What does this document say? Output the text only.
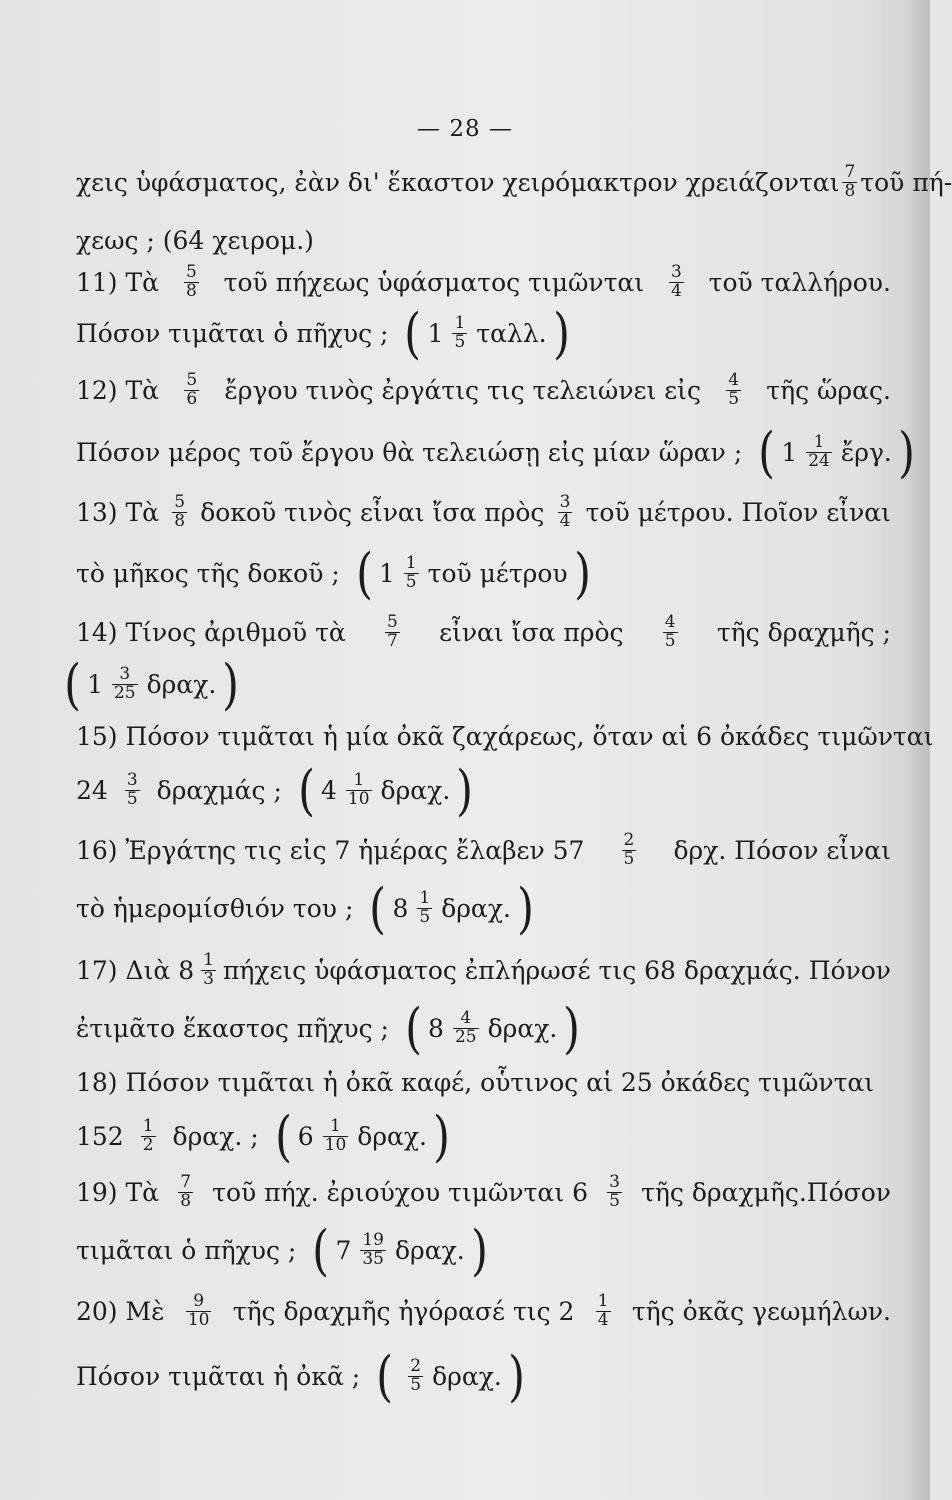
— 28 —
χεις ὑφάσματος, ἐὰν δι' ἕκαστον χειρόμακτρον χρειάζονται $\frac{7}{8}$ τοῦ πή-
χεως ; (64 χειρομ.)
11) Τὰ $\frac{5}{8}$ τοῦ πήχεως ὑφάσματος τιμῶνται $\frac{3}{4}$ τοῦ ταλλήρου.
Πόσον τιμᾶται ὁ πῆχυς ; ( $1 \frac{1}{5} \tau\alpha\lambda\lambda$.
)
12) Τὰ $\frac{5}{6}$ ἔργου τινὸς ἐργάτις τις τελειώνει εἰς $\frac{4}{5}$ τῆς ὥρας.
Πόσον μέρος τοῦ ἔργου θὰ τελειώσῃ εἰς μίαν ὥραν ; ( $1 \frac{1}{24}$ ἔργ.
)
13) Τὰ $\frac{5}{8}$ δοκοῦ τινὸς εἶναι ἴσα πρὸς $\frac{3}{4}$ τοῦ μέτρου. Ποῖον εἶναι
τὸ μῆκος τῆς δοκοῦ ; ( $1 \frac{1}{5}$ τοῦ μέτρου
)
14) Τίνος ἀριθμοῦ τὰ $\frac{5}{7}$ εἶναι ἴσα πρὸς $\frac{4}{5}$ τῆς δραχμῆς ;
( $1 \frac{3}{25} \delta\rho\alpha\chi$.
)
15) Πόσον τιμᾶται ἡ μία ὀκᾶ ζαχάρεως, ὅταν αἱ 6 ὀκάδες τιμῶνται
$24 \frac{3}{5}$ δραχμάς ; ( $4 \frac{1}{10} \delta\rho\alpha\chi$.
)
16) Ἐργάτης τις εἰς 7 ἡμέρας ἔλαβεν $57 \frac{2}{5} \delta\rho\chi$. Πόσον εἶναι
τὸ ἡμερομίσθιόν του ; ( $8 \frac{1}{5} \delta\rho\alpha\chi$.
)
17) Διὰ $8 \frac{1}{3}$ πήχεις ὑφάσματος ἐπλήρωσέ τις 68 δραχμάς. Πόνον
ἐτιμᾶτο ἕκαστος πῆχυς ; ( $8 \frac{4}{25} \delta\rho\alpha\chi$.
)
18) Πόσον τιμᾶται ἡ ὀκᾶ καφέ, οὗτινος αἱ 25 ὀκάδες τιμῶνται
$152 \frac{1}{2} \delta\rho\alpha\chi$. ; ( $6 \frac{1}{10} \delta\rho\alpha\chi$.
)
19) Τὰ $\frac{7}{8}$ τοῦ πήχ. ἐριούχου τιμῶνται $6 \frac{3}{5}$ τῆς δραχμῆς.Πόσον
τιμᾶται ὁ πῆχυς ; ( $7 \frac{19}{35} \delta\rho\alpha\chi$.
)
20) Μὲ $\frac{9}{10}$ τῆς δραχμῆς ἠγόρασέ τις $2 \frac{1}{4}$ τῆς ὀκᾶς γεωμήλων.
Πόσον τιμᾶται ἡ ὀκᾶ ;	( $\frac{2}{5} \delta\rho\alpha\chi$.
)
